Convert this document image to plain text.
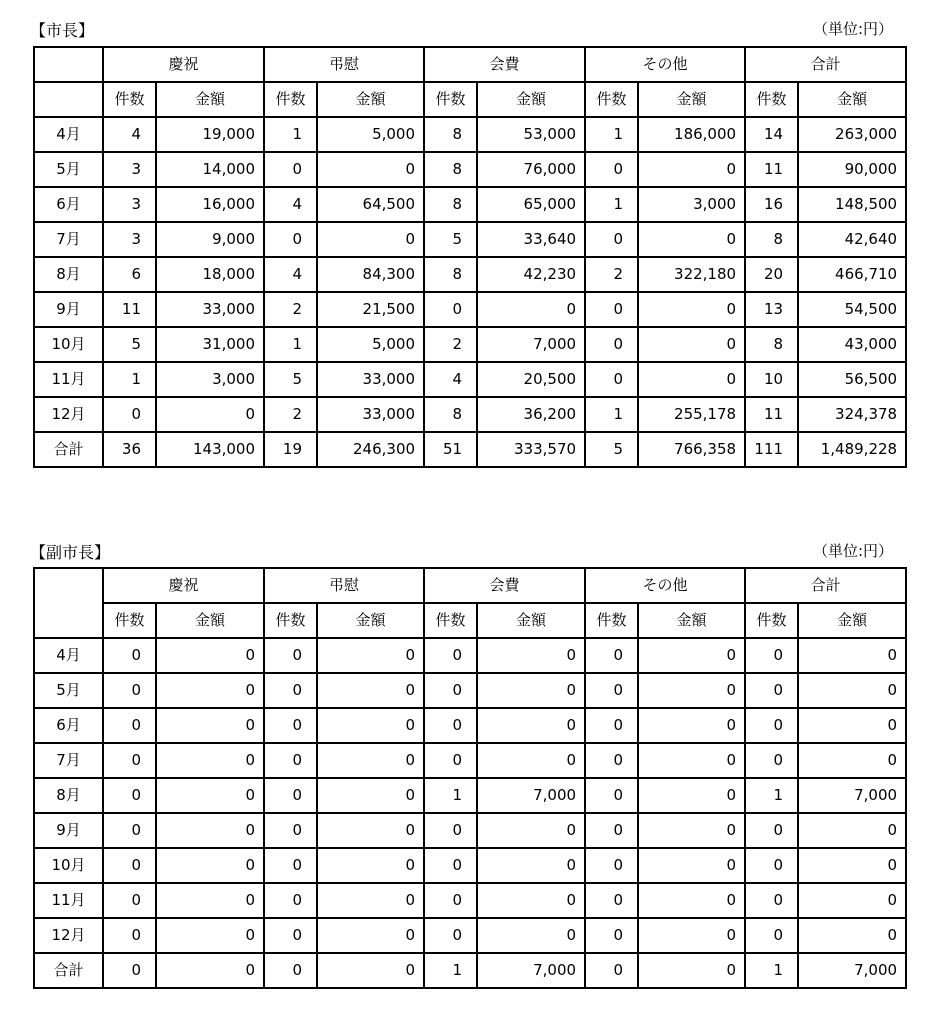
【市長】	（単位:円）
	慶祝		弔慰		会費		その他		合計	
	件数	金額	件数	金額	件数	金額	件数	金額	件数	金額
4月	4	19,000	1	5,000	8	53,000	1	186,000	14	263,000
5月	3	14,000	0	0	8	76,000	0	0	11	90,000
6月	3	16,000	4	64,500	8	65,000	1	3,000	16	148,500
7月	3	9,000	0	0	5	33,640	0	0	8	42,640
8月	6	18,000	4	84,300	8	42,230	2	322,180	20	466,710
9月	11	33,000	2	21,500	0	0	0	0	13	54,500
10月	5	31,000	1	5,000	2	7,000	0	0	8	43,000
11月	1	3,000	5	33,000	4	20,500	0	0	10	56,500
12月	0	0	2	33,000	8	36,200	1	255,178	11	324,378
合計	36	143,000	19	246,300	51	333,570	5	766,358	111	1,489,228
【副市長】	（単位:円）
	慶祝		弔慰		会費		その他		合計	
	件数	金額	件数	金額	件数	金額	件数	金額	件数	金額
4月	0	0	0	0	0	0	0	0	0	0
5月	0	0	0	0	0	0	0	0	0	0
6月	0	0	0	0	0	0	0	0	0	0
7月	0	0	0	0	0	0	0	0	0	0
8月	0	0	0	0	1	7,000	0	0	1	7,000
9月	0	0	0	0	0	0	0	0	0	0
10月	0	0	0	0	0	0	0	0	0	0
11月	0	0	0	0	0	0	0	0	0	0
12月	0	0	0	0	0	0	0	0	0	0
合計	0	0	0	0	1	7,000	0	0	1	7,000
